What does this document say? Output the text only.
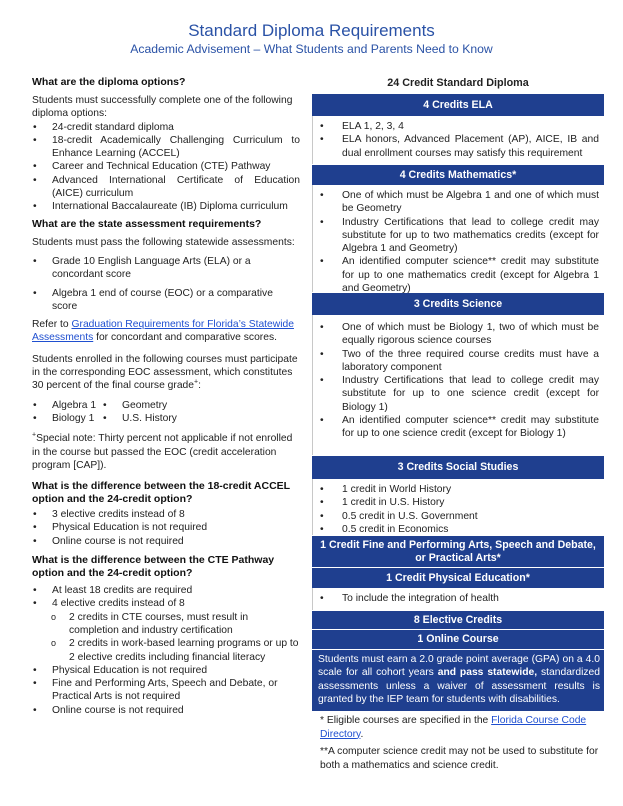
Standard Diploma Requirements
Academic Advisement – What Students and Parents Need to Know
What are the diploma options?

Students must successfully complete one of the following diploma options:

• 24-credit standard diploma
• 18-credit Academically Challenging Curriculum to Enhance Learning (ACCEL)
• Career and Technical Education (CTE) Pathway
• Advanced International Certificate of Education (AICE) curriculum
• International Baccalaureate (IB) Diploma curriculum
What are the state assessment requirements?

Students must pass the following statewide assessments:

• Grade 10 English Language Arts (ELA) or a concordant score
• Algebra 1 end of course (EOC) or a comparative score

Refer to Graduation Requirements for Florida’s Statewide Assessments for concordant and comparative scores.

Students enrolled in the following courses must participate in the corresponding EOC assessment, which constitutes 30 percent of the final course grade+:

• Algebra 1
• Biology 1
• Geometry
• U.S. History

+Special note: Thirty percent not applicable if not enrolled in the course but passed the EOC (credit acceleration program [CAP]).

What is the difference between the 18-credit ACCEL option and the 24-credit option?
• 3 elective credits instead of 8
• Physical Education is not required
• Online course is not required
What is the difference between the CTE Pathway option and the 24-credit option?
• At least 18 credits are required
• 4 elective credits instead of 8
o 2 credits in CTE courses, must result in completion and industry certification
o 2 credits in work-based learning programs or up to 2 elective credits including financial literacy
• Physical Education is not required
• Fine and Performing Arts, Speech and Debate, or Practical Arts is not required
• Online course is not required
24 Credit Standard Diploma
4 Credits ELA
• ELA 1, 2, 3, 4
• ELA honors, Advanced Placement (AP), AICE, IB and dual enrollment courses may satisfy this requirement
4 Credits Mathematics*
• One of which must be Algebra 1 and one of which must be Geometry
• Industry Certifications that lead to college credit may substitute for up to two mathematics credits (except for Algebra 1 and Geometry)
• An identified computer science** credit may substitute for up to one mathematics credit (except for Algebra 1 and Geometry)
3 Credits Science
• One of which must be Biology 1, two of which must be equally rigorous science courses
• Two of the three required course credits must have a laboratory component
• Industry Certifications that lead to college credit may substitute for up to one science credit (except for Biology 1)
• An identified computer science** credit may substitute for up to one science credit (except for Biology 1)
3 Credits Social Studies
• 1 credit in World History
• 1 credit in U.S. History
• 0.5 credit in U.S. Government
• 0.5 credit in Economics
1 Credit Fine and Performing Arts, Speech and Debate, or Practical Arts*
1 Credit Physical Education*
• To include the integration of health
8 Elective Credits
1 Online Course
Students must earn a 2.0 grade point average (GPA) on a 4.0 scale for all cohort years and pass statewide, standardized assessments unless a waiver of assessment results is granted by the IEP team for students with disabilities.

* Eligible courses are specified in the Florida Course Code Directory.

**A computer science credit may not be used to substitute for both a mathematics and science credit.
